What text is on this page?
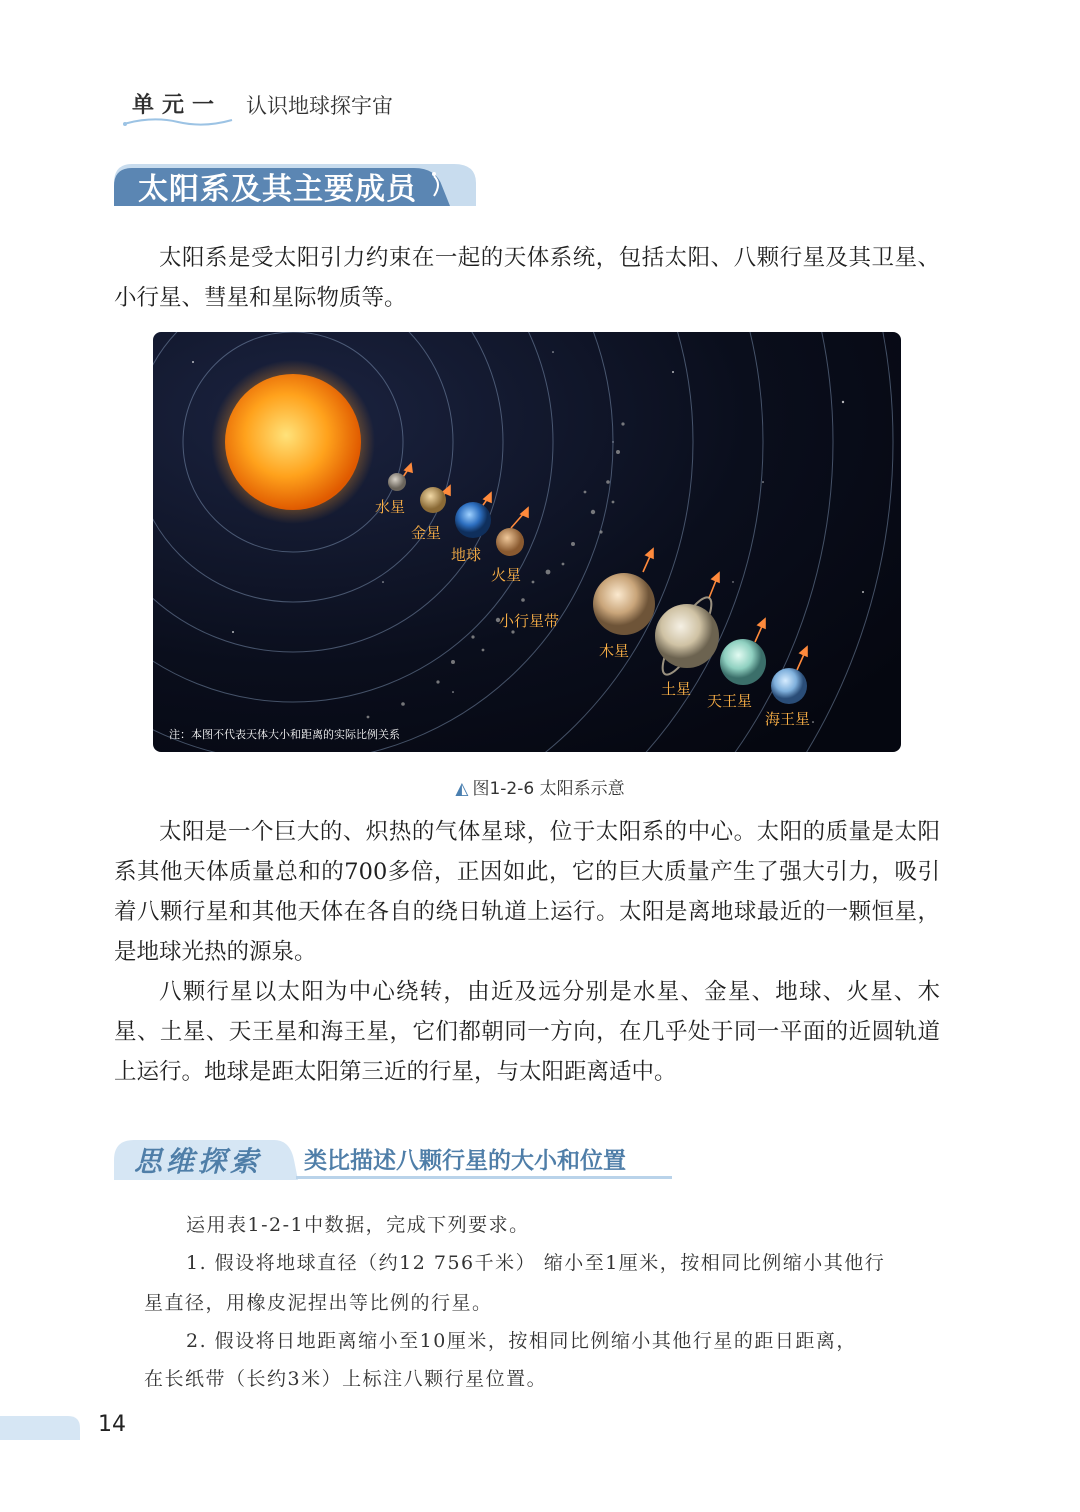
单元一 认识地球探宇宙
太阳系及其主要成员

太阳系是受太阳引力约束在一起的天体系统，包括太阳、八颗行星及其卫星、小行星、彗星和星际物质等。

水星
金星
地球
火星
小行星带
木星
土星
天王星
海王星
注：本图不代表天体大小和距离的实际比例关系
◭ 图1-2-6 太阳系示意

太阳是一个巨大的、炽热的气体星球，位于太阳系的中心。太阳的质量是太阳系其他天体质量总和的700多倍，正因如此，它的巨大质量产生了强大引力，吸引着八颗行星和其他天体在各自的绕日轨道上运行。太阳是离地球最近的一颗恒星，是地球光热的源泉。

八颗行星以太阳为中心绕转，由近及远分别是水星、金星、地球、火星、木星、土星、天王星和海王星，它们都朝同一方向，在几乎处于同一平面的近圆轨道上运行。地球是距太阳第三近的行星，与太阳距离适中。

思维探索 类比描述八颗行星的大小和位置

运用表1-2-1中数据，完成下列要求。

1. 假设将地球直径（约12 756千米） 缩小至1厘米，按相同比例缩小其他行

星直径，用橡皮泥捏出等比例的行星。

2. 假设将日地距离缩小至10厘米，按相同比例缩小其他行星的距日距离，

在长纸带（长约3米）上标注八颗行星位置。

14
